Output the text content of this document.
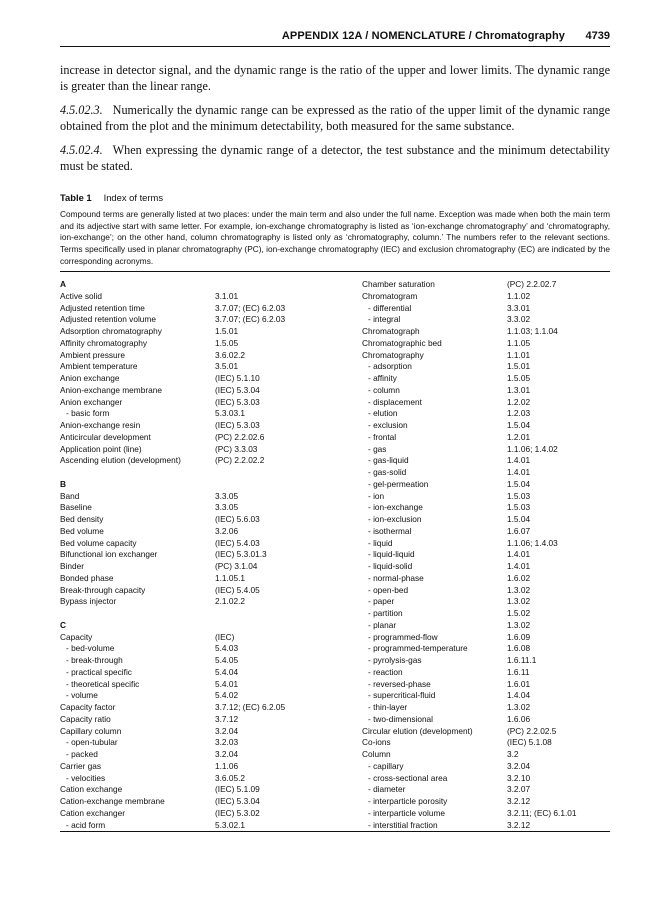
APPENDIX 12A / NOMENCLATURE / Chromatography 4739

increase in detector signal, and the dynamic range is the ratio of the upper and lower limits. The dynamic range is greater than the linear range.

4.5.02.3. Numerically the dynamic range can be expressed as the ratio of the upper limit of the dynamic range obtained from the plot and the minimum detectability, both measured for the same substance.

4.5.02.4. When expressing the dynamic range of a detector, the test substance and the minimum detectability must be stated.

Table 1 Index of terms
Compound terms are generally listed at two places: under the main term and also under the full name. Exception was made when both the main term and its adjective start with same letter. For example, ion-exchange chromatography is listed as ‘ion-exchange chromatography’ and ‘chromatography, ion-exchange’; on the other hand, column chromatography is listed only as ‘chromatography, column.’ The numbers refer to the relevant sections. Terms specifically used in planar chromatography (PC), ion-exchange chromatography (IEC) and exclusion chromatography (EC) are indicated by the corresponding acronyms.
A
Active solid	3.1.01
Adjusted retention time	3.7.07; (EC) 6.2.03
Adjusted retention volume	3.7.07; (EC) 6.2.03
Adsorption chromatography	1.5.01
Affinity chromatography	1.5.05
Ambient pressure	3.6.02.2
Ambient temperature	3.5.01
Anion exchange	(IEC) 5.1.10
Anion-exchange membrane	(IEC) 5.3.04
Anion exchanger	(IEC) 5.3.03
- basic form	5.3.03.1
Anion-exchange resin	(IEC) 5.3.03
Anticircular development	(PC) 2.2.02.6
Application point (line)	(PC) 3.3.03
Ascending elution (development)	(PC) 2.2.02.2
B
Band	3.3.05
Baseline	3.3.05
Bed density	(IEC) 5.6.03
Bed volume	3.2.06
Bed volume capacity	(IEC) 5.4.03
Bifunctional ion exchanger	(IEC) 5.3.01.3
Binder	(PC) 3.1.04
Bonded phase	1.1.05.1
Break-through capacity	(IEC) 5.4.05
Bypass injector	2.1.02.2
C
Capacity	(IEC)
- bed-volume	5.4.03
- break-through	5.4.05
- practical specific	5.4.04
- theoretical specific	5.4.01
- volume	5.4.02
Capacity factor	3.7.12; (EC) 6.2.05
Capacity ratio	3.7.12
Capillary column	3.2.04
- open-tubular	3.2.03
- packed	3.2.04
Carrier gas	1.1.06
- velocities	3.6.05.2
Cation exchange	(IEC) 5.1.09
Cation-exchange membrane	(IEC) 5.3.04
Cation exchanger	(IEC) 5.3.02
- acid form	5.3.02.1
Chamber saturation	(PC) 2.2.02.7
Chromatogram	1.1.02
- differential	3.3.01
- integral	3.3.02
Chromatograph	1.1.03; 1.1.04
Chromatographic bed	1.1.05
Chromatography	1.1.01
- adsorption	1.5.01
- affinity	1.5.05
- column	1.3.01
- displacement	1.2.02
- elution	1.2.03
- exclusion	1.5.04
- frontal	1.2.01
- gas	1.1.06; 1.4.02
- gas-liquid	1.4.01
- gas-solid	1.4.01
- gel-permeation	1.5.04
- ion	1.5.03
- ion-exchange	1.5.03
- ion-exclusion	1.5.04
- isothermal	1.6.07
- liquid	1.1.06; 1.4.03
- liquid-liquid	1.4.01
- liquid-solid	1.4.01
- normal-phase	1.6.02
- open-bed	1.3.02
- paper	1.3.02
- partition	1.5.02
- planar	1.3.02
- programmed-flow	1.6.09
- programmed-temperature	1.6.08
- pyrolysis-gas	1.6.11.1
- reaction	1.6.11
- reversed-phase	1.6.01
- supercritical-fluid	1.4.04
- thin-layer	1.3.02
- two-dimensional	1.6.06
Circular elution (development)	(PC) 2.2.02.5
Co-ions	(IEC) 5.1.08
Column	3.2
- capillary	3.2.04
- cross-sectional area	3.2.10
- diameter	3.2.07
- interparticle porosity	3.2.12
- interparticle volume	3.2.11; (EC) 6.1.01
- interstitial fraction	3.2.12
